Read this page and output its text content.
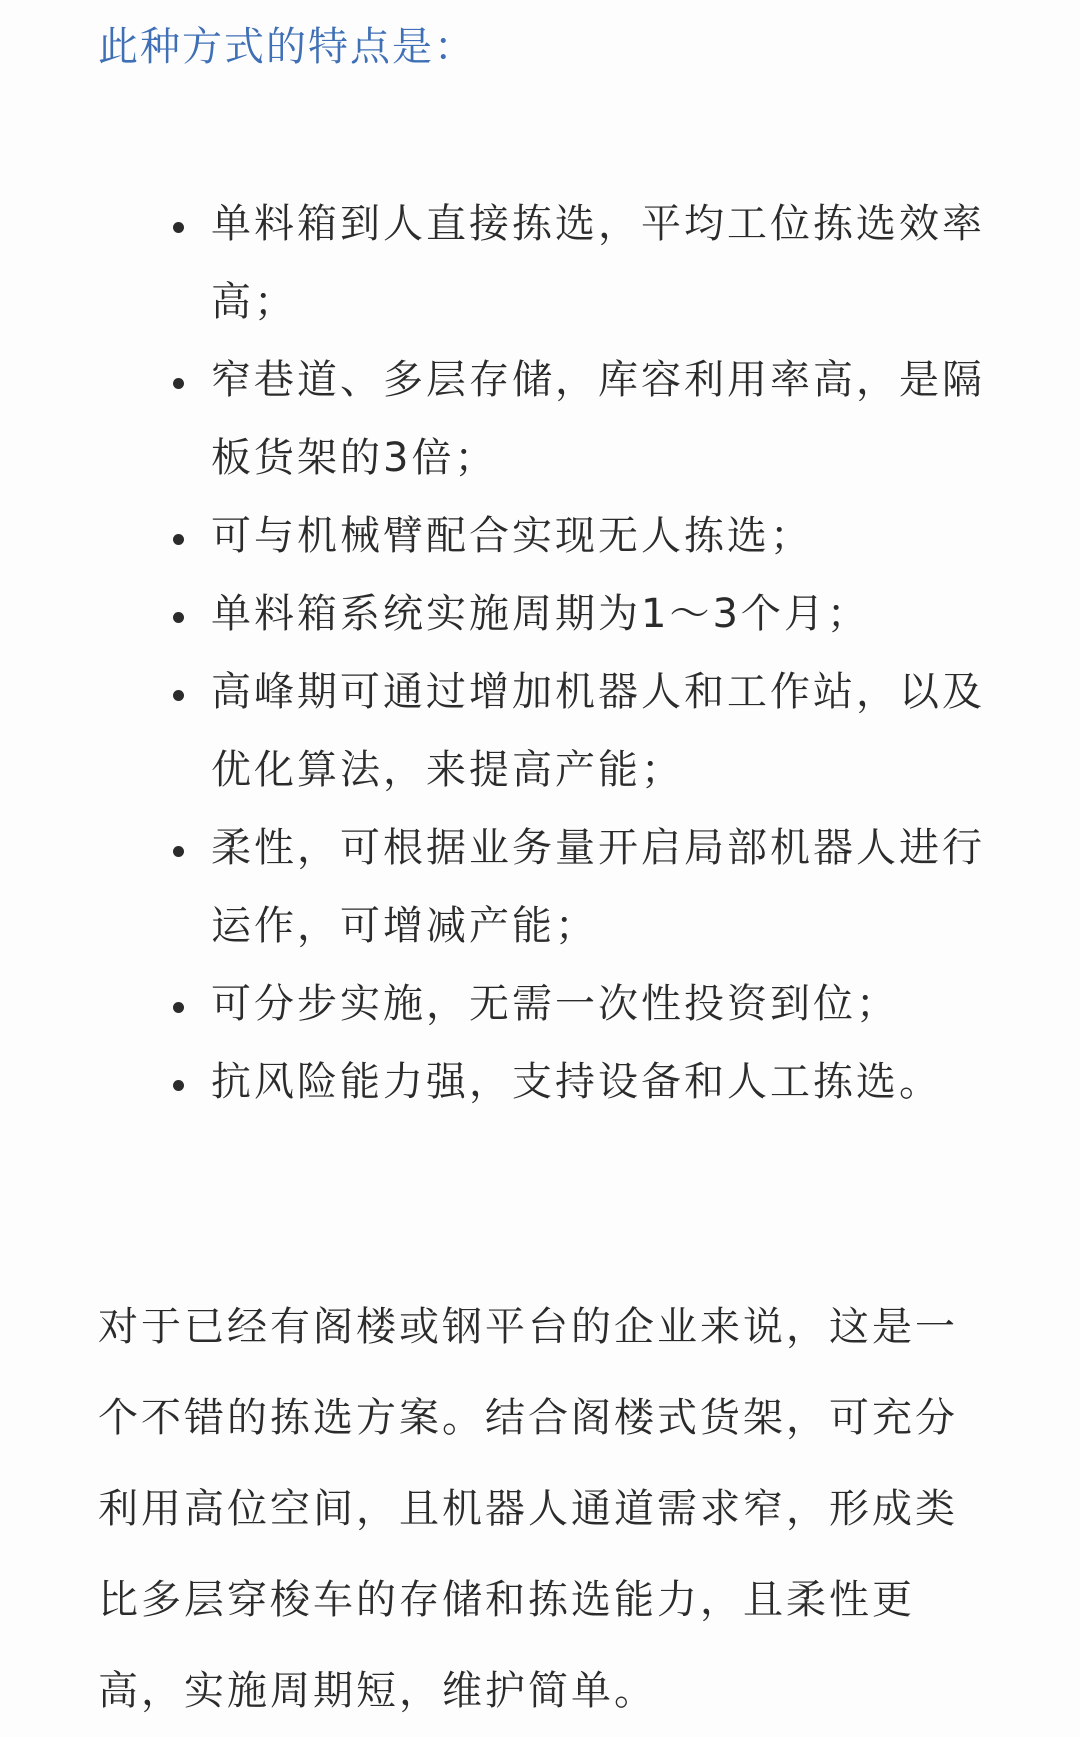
此种方式的特点是：
单料箱到人直接拣选，平均工位拣选效率高；
窄巷道、多层存储，库容利用率高，是隔板货架的3倍；
可与机械臂配合实现无人拣选；
单料箱系统实施周期为1～3个月；
高峰期可通过增加机器人和工作站，以及优化算法，来提高产能；
柔性，可根据业务量开启局部机器人进行运作，可增减产能；
可分步实施，无需一次性投资到位；
抗风险能力强，支持设备和人工拣选。

对于已经有阁楼或钢平台的企业来说，这是一个不错的拣选方案。结合阁楼式货架，可充分利用高位空间，且机器人通道需求窄，形成类比多层穿梭车的存储和拣选能力，且柔性更高，实施周期短，维护简单。
